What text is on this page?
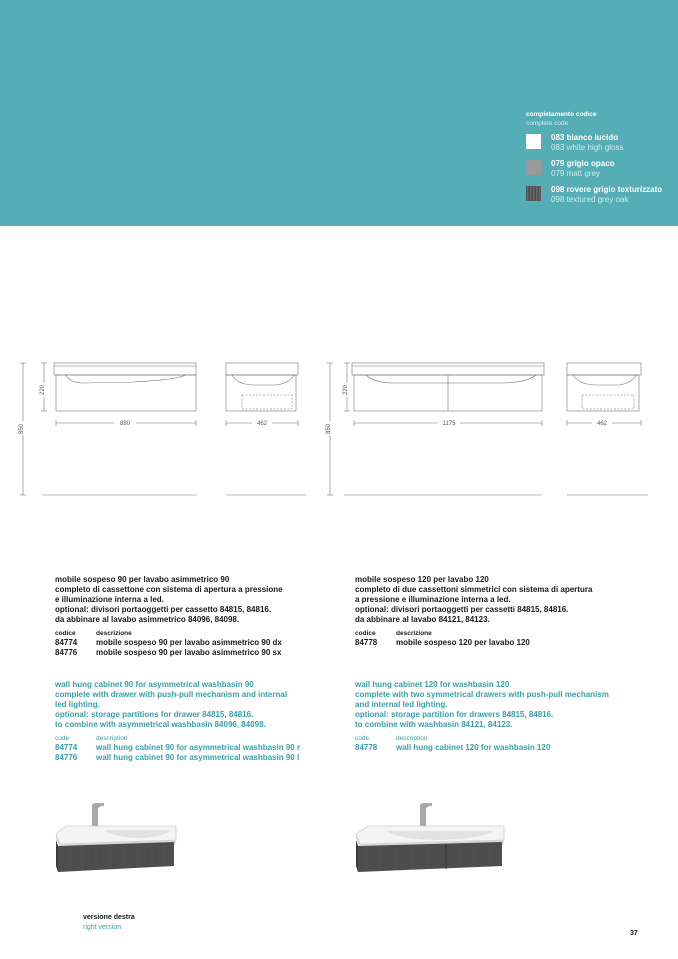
completamento codice
complete code
083 bianco lucido
083 white high gloss
079 grigio opaco
079 matt grey
098 rovere grigio texturizzato
098 textured grey oak
850
220
880	462	850
220
1175	462
mobile sospeso 90 per lavabo asimmetrico 90
completo di cassettone con sistema di apertura a pressione
e illuminazione interna a led.
optional: divisori portaoggetti per cassetto 84815, 84816.
da abbinare al lavabo asimmetrico 84096, 84098.
codice	descrizione
84774	mobile sospeso 90 per lavabo asimmetrico 90 dx
84776	mobile sospeso 90 per lavabo asimmetrico 90 sx
wall hung cabinet 90 for asymmetrical washbasin 90
complete with drawer with push-pull mechanism and internal
led lighting.
optional: storage partitions for drawer 84815, 84816.
to combine with asymmetrical washbasin 84096, 84098.
code	description
84774	wall hung cabinet 90 for asymmetrical washbasin 90 r
84776	wall hung cabinet 90 for asymmetrical washbasin 90 l
mobile sospeso 120 per lavabo 120
completo di due cassettoni simmetrici con sistema di apertura
a pressione e illuminazione interna a led.
optional: divisori portaoggetti per cassetti 84815, 84816.
da abbinare al lavabo 84121, 84123.
codice	descrizione
84778	mobile sospeso 120 per lavabo 120
wall hung cabinet 120 for washbasin 120
complete with two symmetrical drawers with push-pull mechanism
and internal led lighting.
optional: storage partition for drawers 84815, 84816.
to combine with washbasin 84121, 84123.
code	description
84778	wall hung cabinet 120 for washbasin 120
versione destra
right version
37
